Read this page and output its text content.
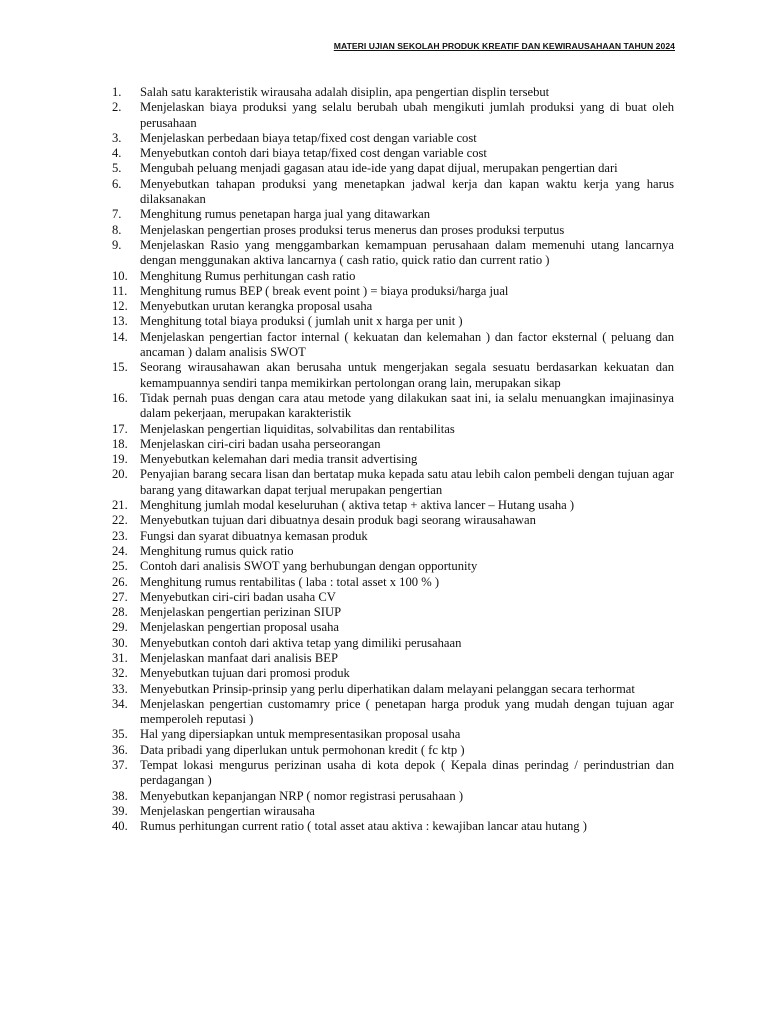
MATERI UJIAN SEKOLAH PRODUK KREATIF DAN KEWIRAUSAHAAN TAHUN 2024
1.	Salah satu karakteristik wirausaha adalah disiplin, apa pengertian displin tersebut
2.	Menjelaskan biaya produksi yang selalu berubah ubah mengikuti jumlah produksi yang di buat oleh perusahaan
3.	Menjelaskan perbedaan biaya tetap/fixed cost dengan variable cost
4.	Menyebutkan contoh dari biaya tetap/fixed cost dengan variable cost
5.	Mengubah peluang menjadi gagasan atau ide-ide yang dapat dijual, merupakan pengertian dari
6.	Menyebutkan tahapan produksi yang menetapkan jadwal kerja dan kapan waktu kerja yang harus dilaksanakan
7.	Menghitung rumus penetapan harga jual yang ditawarkan
8.	Menjelaskan pengertian proses produksi terus menerus dan proses produksi terputus
9.	Menjelaskan Rasio yang menggambarkan kemampuan perusahaan dalam memenuhi utang lancarnya dengan menggunakan aktiva lancarnya ( cash ratio, quick ratio dan current ratio )
10. Menghitung Rumus perhitungan cash ratio
11.	Menghitung rumus BEP ( break event point ) = biaya produksi/harga jual
12. Menyebutkan urutan kerangka proposal usaha
13. Menghitung total biaya produksi ( jumlah unit x harga per unit )
14. Menjelaskan pengertian factor internal ( kekuatan dan kelemahan ) dan factor eksternal ( peluang dan ancaman ) dalam analisis SWOT
15. Seorang wirausahawan akan berusaha untuk mengerjakan segala sesuatu berdasarkan kekuatan dan kemampuannya sendiri tanpa memikirkan pertolongan orang lain, merupakan sikap
16. Tidak pernah puas dengan cara atau metode yang dilakukan saat ini, ia selalu menuangkan imajinasinya dalam pekerjaan, merupakan karakteristik
17. Menjelaskan pengertian liquiditas, solvabilitas dan rentabilitas
18. Menjelaskan ciri-ciri badan usaha perseorangan
19. Menyebutkan kelemahan dari media transit advertising
20. Penyajian barang secara lisan dan bertatap muka kepada satu atau lebih calon pembeli dengan tujuan agar barang yang ditawarkan dapat terjual merupakan pengertian
21. Menghitung jumlah modal keseluruhan ( aktiva tetap + aktiva lancer – Hutang usaha )
22. Menyebutkan tujuan dari dibuatnya desain produk bagi seorang wirausahawan
23. Fungsi dan syarat dibuatnya kemasan produk
24. Menghitung rumus quick ratio
25. Contoh dari analisis SWOT yang berhubungan dengan opportunity
26. Menghitung rumus rentabilitas ( laba : total asset x 100 % )
27. Menyebutkan ciri-ciri badan usaha CV
28. Menjelaskan pengertian perizinan SIUP
29. Menjelaskan pengertian proposal usaha
30. Menyebutkan contoh dari aktiva tetap yang dimiliki perusahaan
31. Menjelaskan manfaat dari analisis BEP
32. Menyebutkan tujuan dari promosi produk
33. Menyebutkan Prinsip-prinsip yang perlu diperhatikan dalam melayani pelanggan secara terhormat
34. Menjelaskan pengertian customamry price ( penetapan harga produk yang mudah dengan tujuan agar memperoleh reputasi )
35. Hal yang dipersiapkan untuk mempresentasikan proposal usaha
36. Data pribadi yang diperlukan untuk permohonan kredit ( fc ktp )
37. Tempat lokasi mengurus perizinan usaha di kota depok ( Kepala dinas perindag / perindustrian dan perdagangan )
38. Menyebutkan kepanjangan NRP ( nomor registrasi perusahaan )
39. Menjelaskan pengertian wirausaha
40. Rumus perhitungan current ratio ( total asset atau aktiva : kewajiban lancar atau hutang )
